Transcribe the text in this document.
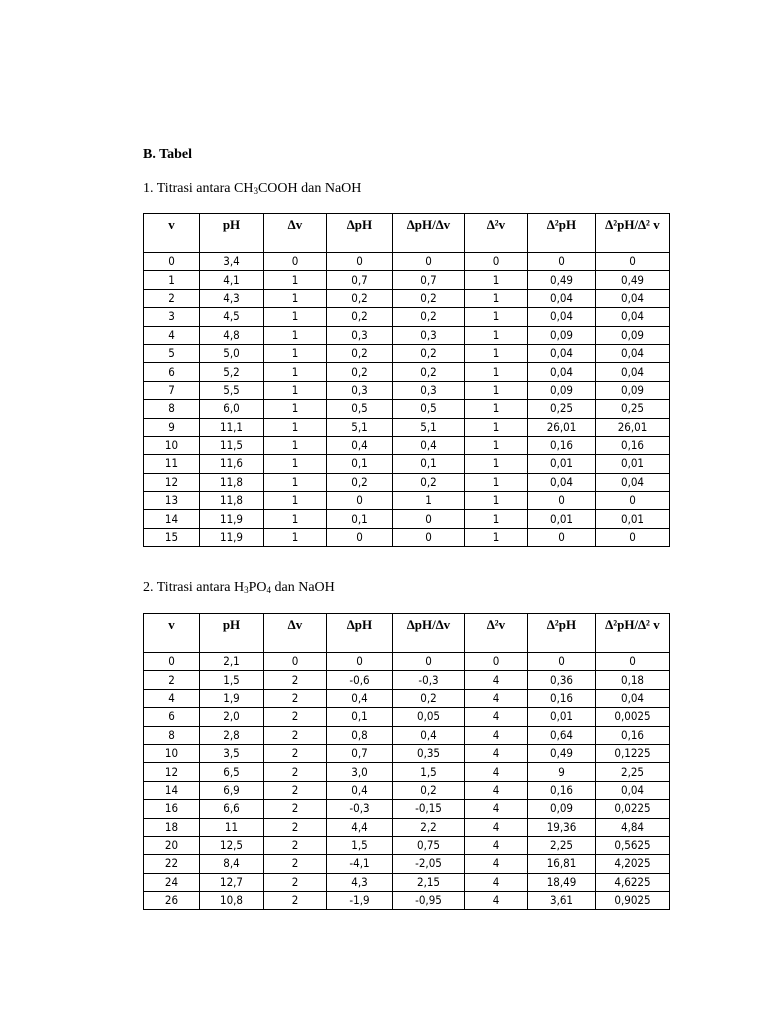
B. Tabel
1. Titrasi antara $CH_3COOH$ dan NaOH
v	pH	∆v	∆pH	∆pH/∆v	∆²v	∆²pH	∆²pH/∆² v
0	3,4	0	0	0	0	0	0
1	4,1	1	0,7	0,7	1	0,49	0,49
2	4,3	1	0,2	0,2	1	0,04	0,04
3	4,5	1	0,2	0,2	1	0,04	0,04
4	4,8	1	0,3	0,3	1	0,09	0,09
5	5,0	1	0,2	0,2	1	0,04	0,04
6	5,2	1	0,2	0,2	1	0,04	0,04
7	5,5	1	0,3	0,3	1	0,09	0,09
8	6,0	1	0,5	0,5	1	0,25	0,25
9	11,1	1	5,1	5,1	1	26,01	26,01
10	11,5	1	0,4	0,4	1	0,16	0,16
11	11,6	1	0,1	0,1	1	0,01	0,01
12	11,8	1	0,2	0,2	1	0,04	0,04
13	11,8	1	0	1	1	0	0
14	11,9	1	0,1	0	1	0,01	0,01
15	11,9	1	0	0	1	0	0
2. Titrasi antara $H_3PO_4$ dan NaOH
v	pH	∆v	∆pH	∆pH/∆v	∆²v	∆²pH	∆²pH/∆² v
0	2,1	0	0	0	0	0	0
2	1,5	2	-0,6	-0,3	4	0,36	0,18
4	1,9	2	0,4	0,2	4	0,16	0,04
6	2,0	2	0,1	0,05	4	0,01	0,0025
8	2,8	2	0,8	0,4	4	0,64	0,16
10	3,5	2	0,7	0,35	4	0,49	0,1225
12	6,5	2	3,0	1,5	4	9	2,25
14	6,9	2	0,4	0,2	4	0,16	0,04
16	6,6	2	-0,3	-0,15	4	0,09	0,0225
18	11	2	4,4	2,2	4	19,36	4,84
20	12,5	2	1,5	0,75	4	2,25	0,5625
22	8,4	2	-4,1	-2,05	4	16,81	4,2025
24	12,7	2	4,3	2,15	4	18,49	4,6225
26	10,8	2	-1,9	-0,95	4	3,61	0,9025
